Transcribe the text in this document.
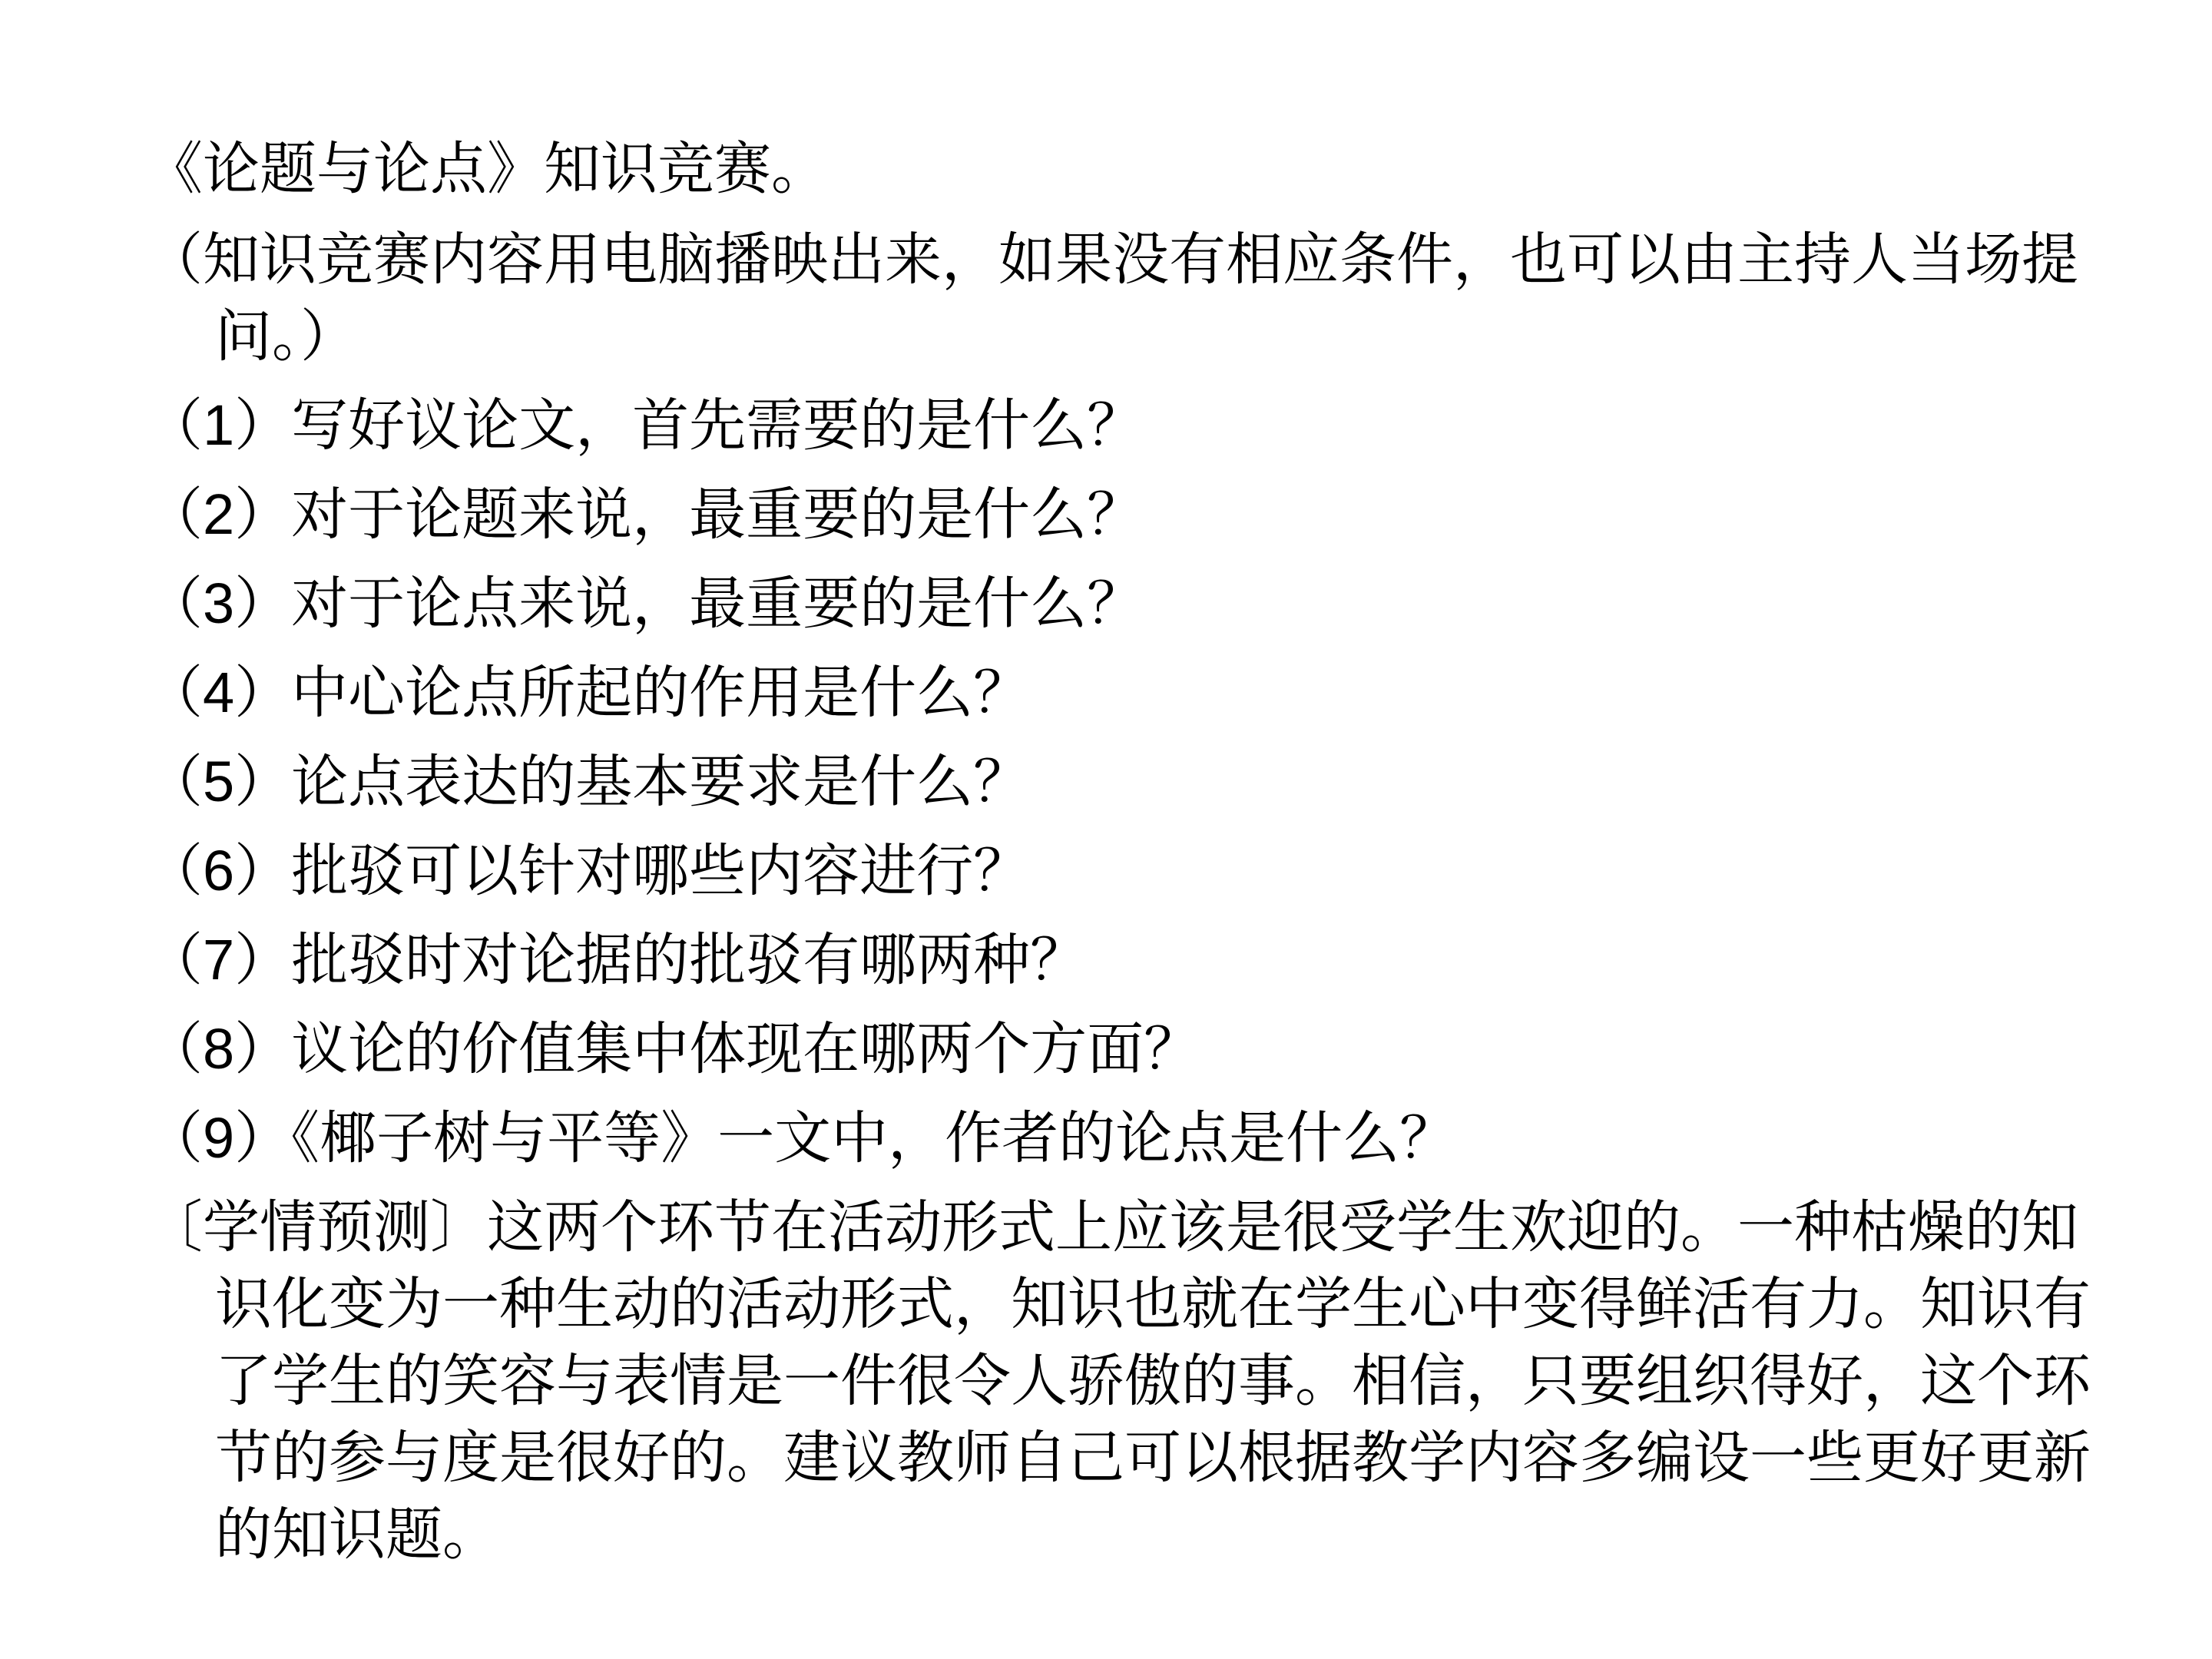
《论题与论点》知识竞赛。
（知识竞赛内容用电脑播映出来，如果没有相应条件，也可以由主持人当场提问。）
（1）写好议论文，首先需要的是什么？
（2）对于论题来说，最重要的是什么？
（3）对于论点来说，最重要的是什么？
（4）中心论点所起的作用是什么？
（5）论点表达的基本要求是什么？
（6）批驳可以针对哪些内容进行？
（7）批驳时对论据的批驳有哪两种？
（8）议论的价值集中体现在哪两个方面？
（9）《椰子树与平等》一文中，作者的论点是什么？
〔学情预测〕这两个环节在活动形式上应该是很受学生欢迎的。一种枯燥的知识化变为一种生动的活动形式，知识也就在学生心中变得鲜活有力。知识有了学生的笑容与表情是一件很令人骄傲的事。相信，只要组织得好，这个环节的参与度是很好的。建议教师自己可以根据教学内容多编设一些更好更新的知识题。
